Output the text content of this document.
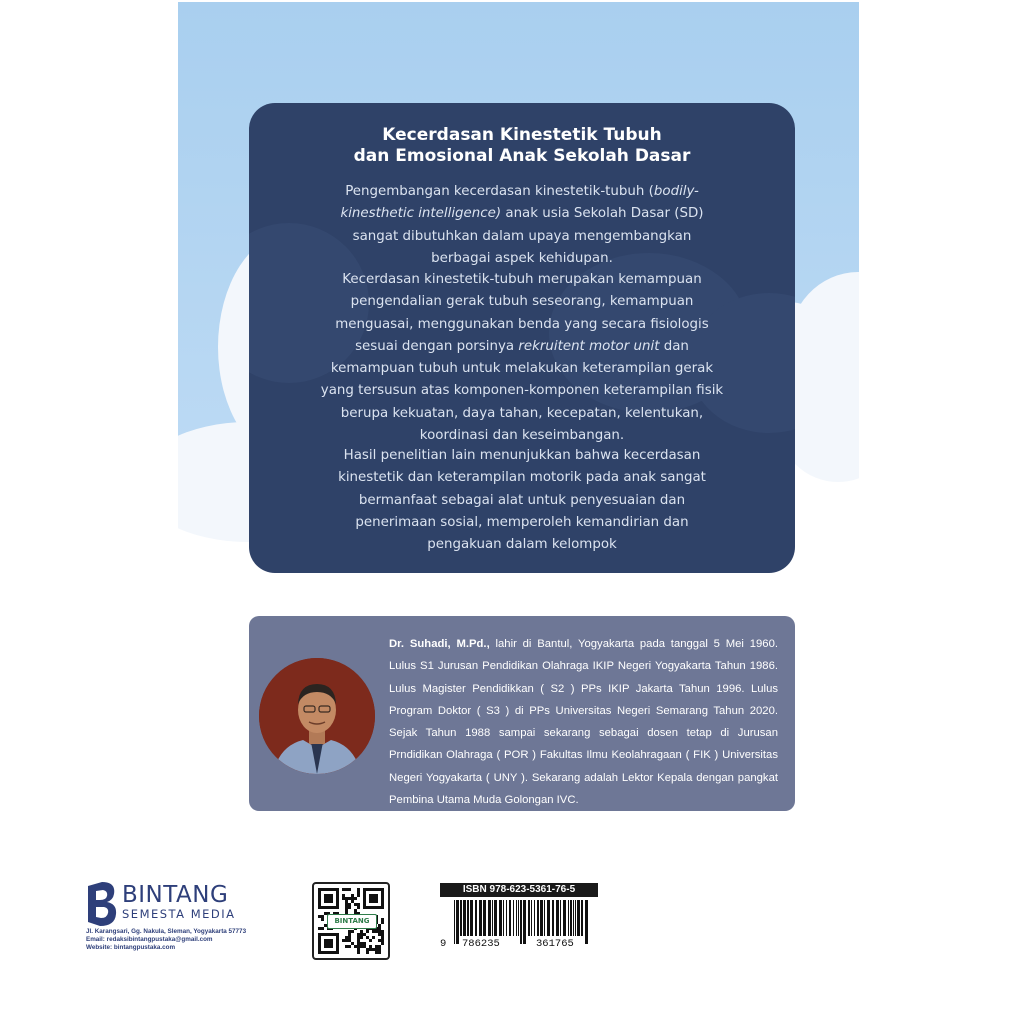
Kecerdasan Kinestetik Tubuh
dan Emosional Anak Sekolah Dasar
Pengembangan kecerdasan kinestetik-tubuh (bodily-kinesthetic intelligence) anak usia Sekolah Dasar (SD) sangat dibutuhkan dalam upaya mengembangkan berbagai aspek kehidupan.
Kecerdasan kinestetik-tubuh merupakan kemampuan pengendalian gerak tubuh seseorang, kemampuan menguasai, menggunakan benda yang secara fisiologis sesuai dengan porsinya rekruitent motor unit dan kemampuan tubuh untuk melakukan keterampilan gerak yang tersusun atas komponen-komponen keterampilan fisik berupa kekuatan, daya tahan, kecepatan, kelentukan, koordinasi dan keseimbangan.
Hasil penelitian lain menunjukkan bahwa kecerdasan kinestetik dan keterampilan motorik pada anak sangat bermanfaat sebagai alat untuk penyesuaian dan penerimaan sosial, memperoleh kemandirian dan pengakuan dalam kelompok
Dr. Suhadi, M.Pd., lahir di Bantul, Yogyakarta pada tanggal 5 Mei 1960. Lulus S1 Jurusan Pendidikan Olahraga IKIP Negeri Yogyakarta Tahun 1986. Lulus Magister Pendidikkan ( S2 ) PPs IKIP Jakarta Tahun 1996. Lulus Program Doktor ( S3 ) di PPs Universitas Negeri Semarang Tahun 2020. Sejak Tahun 1988 sampai sekarang sebagai dosen tetap di Jurusan Prndidikan Olahraga ( POR ) Fakultas Ilmu Keolahragaan ( FIK ) Universitas Negeri Yogyakarta ( UNY ). Sekarang adalah Lektor Kepala dengan pangkat Pembina Utama Muda Golongan IVC.
BINTANG
SEMESTA MEDIA
Jl. Karangsari, Gg. Nakula, Sleman, Yogyakarta 57773
Email: redaksibintangpustaka@gmail.com
Website: bintangpustaka.com
BINTANG
ISBN 978-623-5361-76-5
9 786235	361765
